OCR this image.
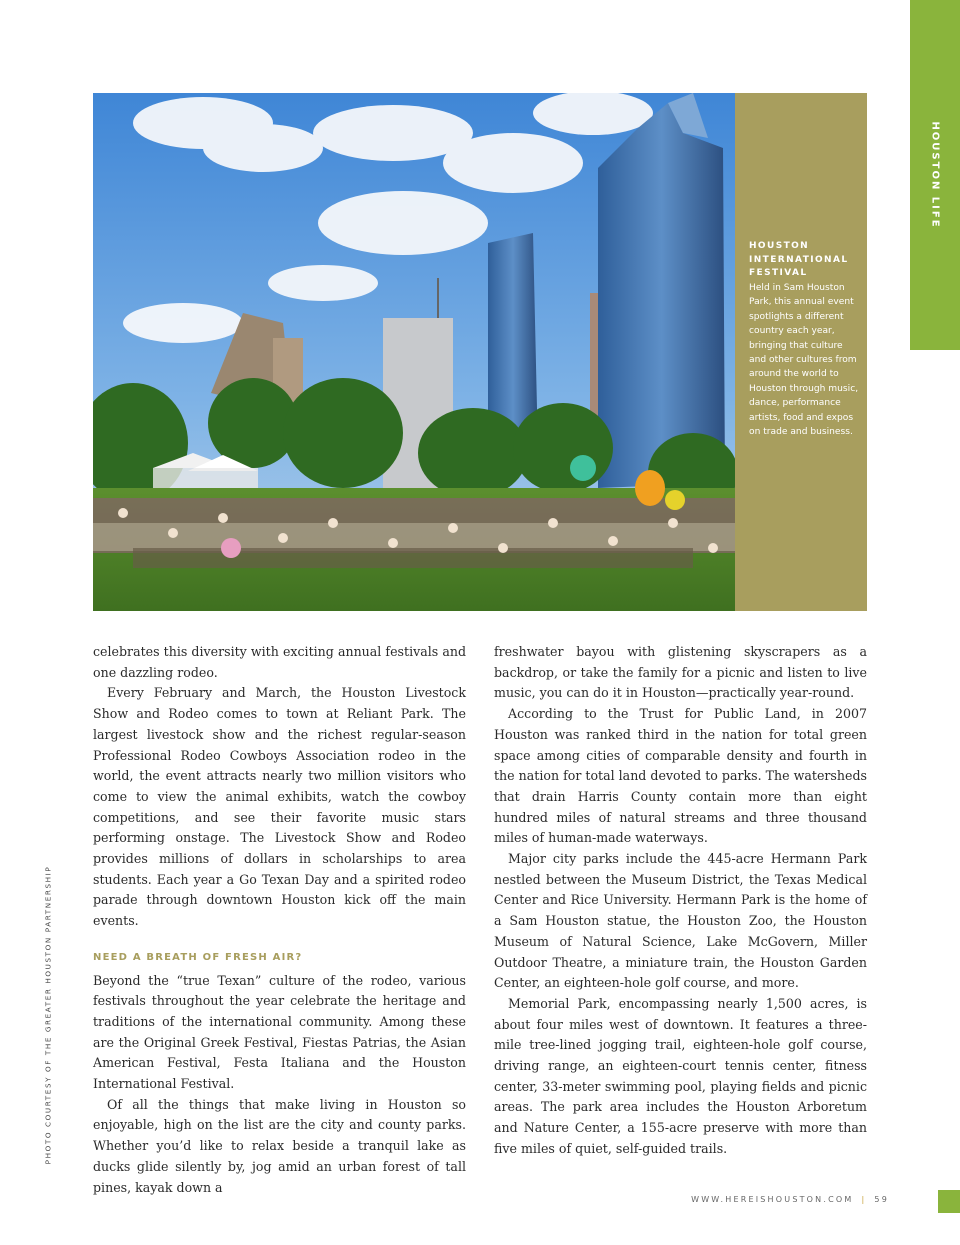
HOUSTON LIFE
HOUSTON INTERNATIONAL FESTIVAL
Held in Sam Houston Park, this annual event spotlights a different country each year, bringing that culture and other cultures from around the world to Houston through music, dance, performance artists, food and expos on trade and business.

celebrates this diversity with exciting annual festivals and one dazzling rodeo.

Every February and March, the Houston Livestock Show and Rodeo comes to town at Reliant Park. The largest livestock show and the richest regular-season Professional Rodeo Cowboys Association rodeo in the world, the event attracts nearly two million visitors who come to view the animal exhibits, watch the cowboy competitions, and see their favorite music stars performing onstage. The Livestock Show and Rodeo provides millions of dollars in scholarships to area students. Each year a Go Texan Day and a spirited rodeo parade through downtown Houston kick off the main events.

NEED A BREATH OF FRESH AIR?

Beyond the “true Texan” culture of the rodeo, various festivals throughout the year celebrate the heritage and traditions of the international community. Among these are the Original Greek Festival, Fiestas Patrias, the Asian American Festival, Festa Italiana and the Houston International Festival.

Of all the things that make living in Houston so enjoyable, high on the list are the city and county parks. Whether you’d like to relax beside a tranquil lake as ducks glide silently by, jog amid an urban forest of tall pines, kayak down a

freshwater bayou with glistening skyscrapers as a backdrop, or take the family for a picnic and listen to live music, you can do it in Houston—practically year-round.

According to the Trust for Public Land, in 2007 Houston was ranked third in the nation for total green space among cities of comparable density and fourth in the nation for total land devoted to parks. The watersheds that drain Harris County contain more than eight hundred miles of natural streams and three thousand miles of human-made waterways.

Major city parks include the 445-acre Hermann Park nestled between the Museum District, the Texas Medical Center and Rice University. Hermann Park is the home of a Sam Houston statue, the Houston Zoo, the Houston Museum of Natural Science, Lake McGovern, Miller Outdoor Theatre, a miniature train, the Houston Garden Center, an eighteen-hole golf course, and more.

Memorial Park, encompassing nearly 1,500 acres, is about four miles west of downtown. It features a three-mile tree-lined jogging trail, eighteen-hole golf course, driving range, an eighteen-court tennis center, fitness center, 33-meter swimming pool, playing fields and picnic areas. The park area includes the Houston Arboretum and Nature Center, a 155-acre preserve with more than five miles of quiet, self-guided trails.

PHOTO COURTESY OF THE GREATER HOUSTON PARTNERSHIP
WWW.HEREISHOUSTON.COM | 59
